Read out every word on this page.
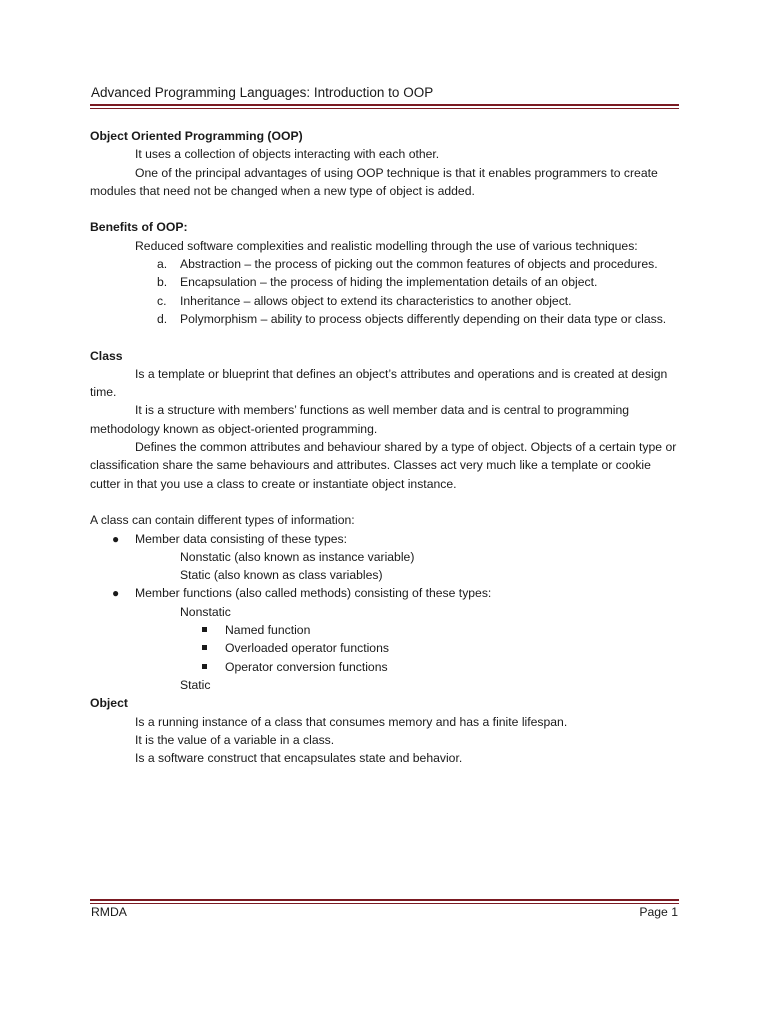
Advanced Programming Languages: Introduction to OOP

Object Oriented Programming (OOP)

It uses a collection of objects interacting with each other.

One of the principal advantages of using OOP technique is that it enables programmers to create modules that need not be changed when a new type of object is added.

Benefits of OOP:

Reduced software complexities and realistic modelling through the use of various techniques:

a. Abstraction – the process of picking out the common features of objects and procedures.
b. Encapsulation – the process of hiding the implementation details of an object.
c. Inheritance – allows object to extend its characteristics to another object.
d. Polymorphism – ability to process objects differently depending on their data type or class.

Class

Is a template or blueprint that defines an object’s attributes and operations and is created at design time.

It is a structure with members’ functions as well member data and is central to programming methodology known as object-oriented programming.

Defines the common attributes and behaviour shared by a type of object. Objects of a certain type or classification share the same behaviours and attributes. Classes act very much like a template or cookie cutter in that you use a class to create or instantiate object instance.

A class can contain different types of information:

● Member data consisting of these types:

Nonstatic (also known as instance variable)

Static (also known as class variables)

● Member functions (also called methods) consisting of these types:

Nonstatic

Named function
Overloaded operator functions
Operator conversion functions

Static

Object

Is a running instance of a class that consumes memory and has a finite lifespan.

It is the value of a variable in a class.

Is a software construct that encapsulates state and behavior.

RMDA	Page 1
